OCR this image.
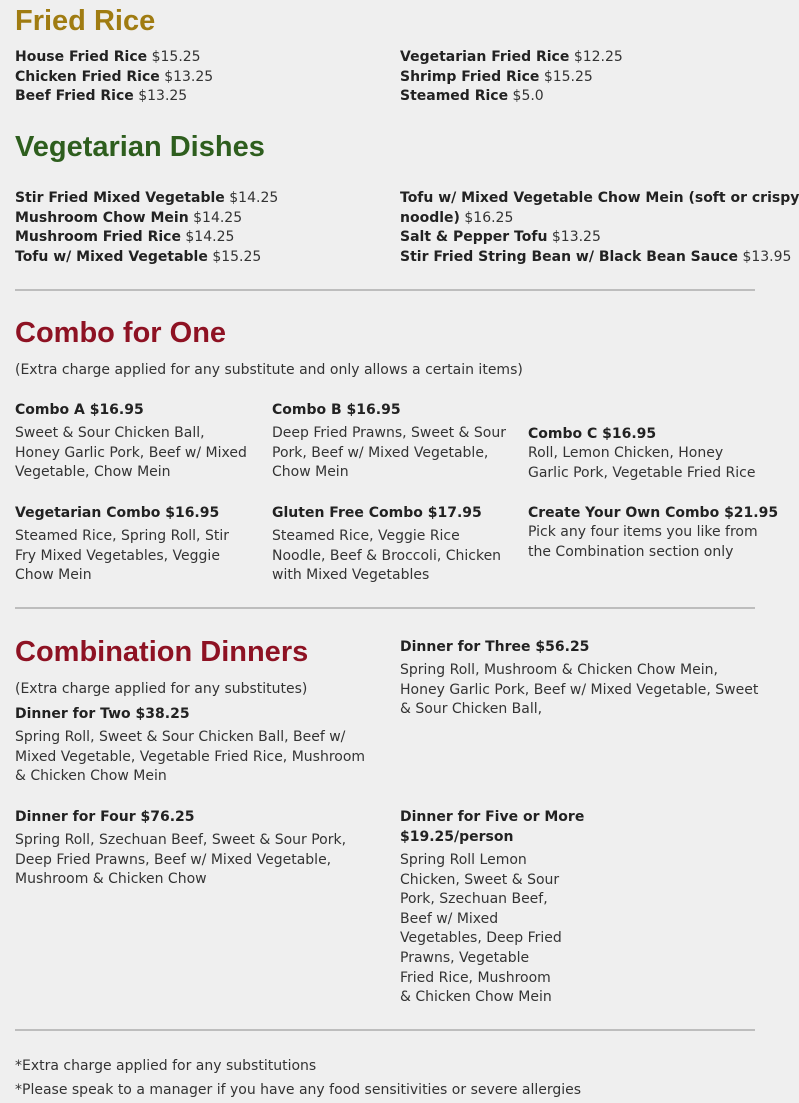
Fried Rice
House Fried Rice $15.25
Chicken Fried Rice $13.25
Beef Fried Rice $13.25
Vegetarian Fried Rice $12.25
Shrimp Fried Rice $15.25
Steamed Rice $5.0
Vegetarian Dishes
Stir Fried Mixed Vegetable $14.25
Mushroom Chow Mein $14.25
Mushroom Fried Rice $14.25
Tofu w/ Mixed Vegetable $15.25
Tofu w/ Mixed Vegetable Chow Mein (soft or crispy
noodle) $16.25
Salt & Pepper Tofu $13.25
Stir Fried String Bean w/ Black Bean Sauce $13.95
Combo for One
(Extra charge applied for any substitute and only allows a certain items)
Combo A $16.95
Sweet & Sour Chicken Ball, Honey Garlic Pork, Beef w/ Mixed Vegetable, Chow Mein
Combo B $16.95
Deep Fried Prawns, Sweet & Sour Pork, Beef w/ Mixed Vegetable, Chow Mein
Combo C $16.95
Roll, Lemon Chicken, Honey Garlic Pork, Vegetable Fried Rice
Vegetarian Combo $16.95
Steamed Rice, Spring Roll, Stir Fry Mixed Vegetables, Veggie Chow Mein
Gluten Free Combo $17.95
Steamed Rice, Veggie Rice Noodle, Beef & Broccoli, Chicken with Mixed Vegetables
Create Your Own Combo $21.95
Pick any four items you like from the Combination section only
Combination Dinners
(Extra charge applied for any substitutes)
Dinner for Two $38.25
Spring Roll, Sweet & Sour Chicken Ball, Beef w/ Mixed Vegetable, Vegetable Fried Rice, Mushroom & Chicken Chow Mein
Dinner for Three $56.25
Spring Roll, Mushroom & Chicken Chow Mein, Honey Garlic Pork, Beef w/ Mixed Vegetable, Sweet & Sour Chicken Ball,
Dinner for Four $76.25
Spring Roll, Szechuan Beef, Sweet & Sour Pork, Deep Fried Prawns, Beef w/ Mixed Vegetable, Mushroom & Chicken Chow
Dinner for Five or More
$19.25/person
Spring Roll Lemon Chicken, Sweet & Sour Pork, Szechuan Beef, Beef w/ Mixed Vegetables, Deep Fried Prawns, Vegetable Fried Rice, Mushroom & Chicken Chow Mein
*Extra charge applied for any substitutions
*Please speak to a manager if you have any food sensitivities or severe allergies
